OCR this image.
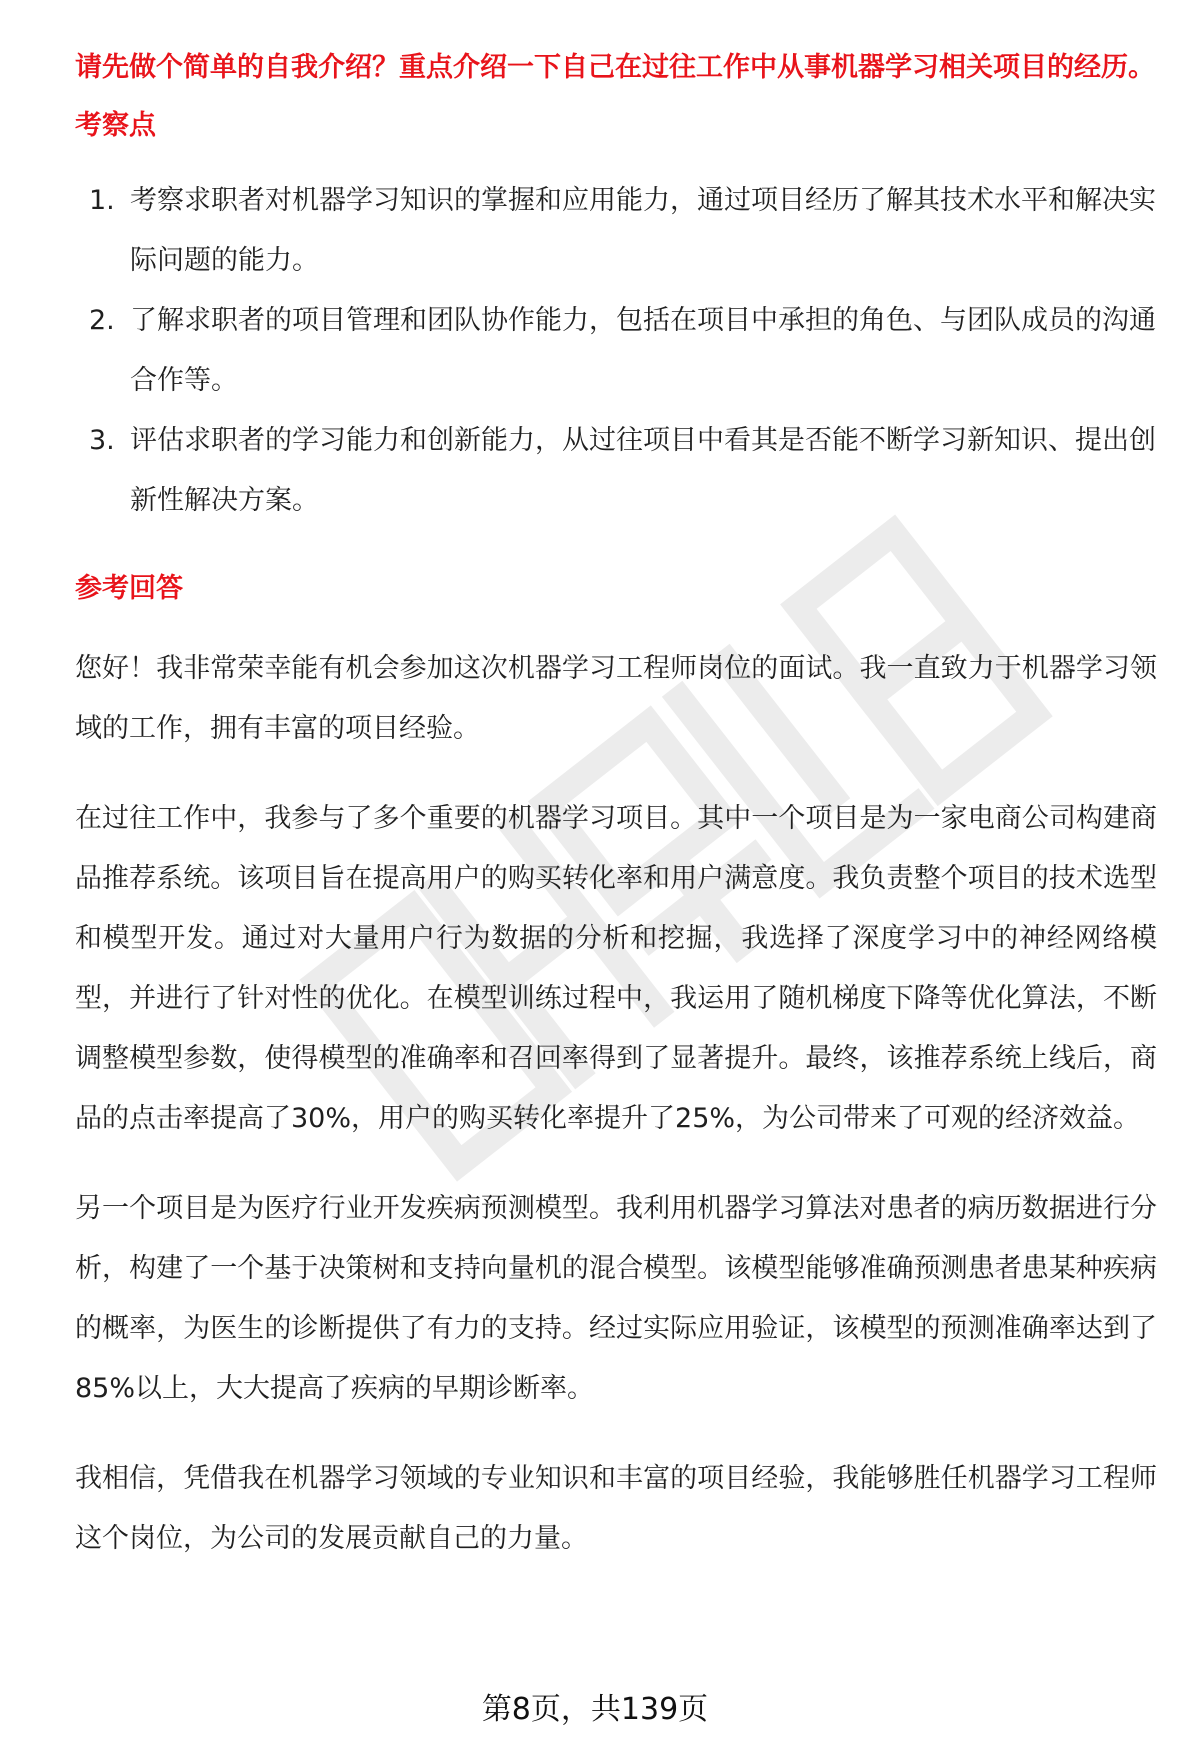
请先做个简单的自我介绍？重点介绍一下自己在过往工作中从事机器学习相关项目的经历。

考察点

1. 考察求职者对机器学习知识的掌握和应用能力，通过项目经历了解其技术水平和解决实际问题的能力。
2. 了解求职者的项目管理和团队协作能力，包括在项目中承担的角色、与团队成员的沟通合作等。
3. 评估求职者的学习能力和创新能力，从过往项目中看其是否能不断学习新知识、提出创新性解决方案。

参考回答

您好！我非常荣幸能有机会参加这次机器学习工程师岗位的面试。我一直致力于机器学习领域的工作，拥有丰富的项目经验。

在过往工作中，我参与了多个重要的机器学习项目。其中一个项目是为一家电商公司构建商品推荐系统。该项目旨在提高用户的购买转化率和用户满意度。我负责整个项目的技术选型和模型开发。通过对大量用户行为数据的分析和挖掘，我选择了深度学习中的神经网络模型，并进行了针对性的优化。在模型训练过程中，我运用了随机梯度下降等优化算法，不断调整模型参数，使得模型的准确率和召回率得到了显著提升。最终，该推荐系统上线后，商品的点击率提高了30%，用户的购买转化率提升了25%，为公司带来了可观的经济效益。

另一个项目是为医疗行业开发疾病预测模型。我利用机器学习算法对患者的病历数据进行分析，构建了一个基于决策树和支持向量机的混合模型。该模型能够准确预测患者患某种疾病的概率，为医生的诊断提供了有力的支持。经过实际应用验证，该模型的预测准确率达到了85%以上，大大提高了疾病的早期诊断率。

我相信，凭借我在机器学习领域的专业知识和丰富的项目经验，我能够胜任机器学习工程师这个岗位，为公司的发展贡献自己的力量。

第8页，共139页
